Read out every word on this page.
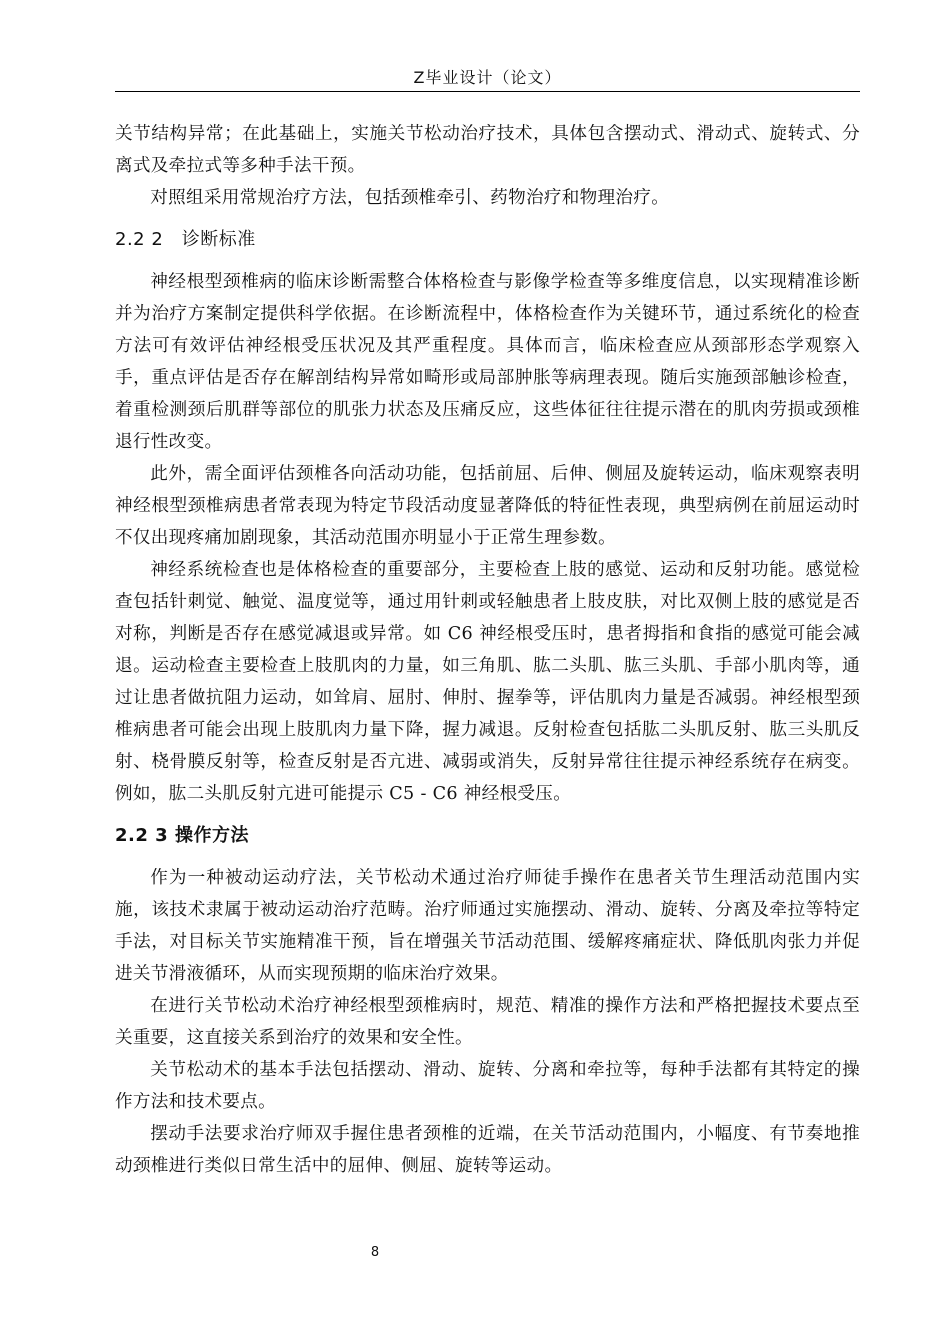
Z毕业设计（论文）

关节结构异常；在此基础上，实施关节松动治疗技术，具体包含摆动式、滑动式、旋转式、分离式及牵拉式等多种手法干预。

对照组采用常规治疗方法，包括颈椎牵引、药物治疗和物理治疗。

2.2 2　诊断标准

神经根型颈椎病的临床诊断需整合体格检查与影像学检查等多维度信息，以实现精准诊断并为治疗方案制定提供科学依据。在诊断流程中，体格检查作为关键环节，通过系统化的检查方法可有效评估神经根受压状况及其严重程度。具体而言，临床检查应从颈部形态学观察入手，重点评估是否存在解剖结构异常如畸形或局部肿胀等病理表现。随后实施颈部触诊检查，着重检测颈后肌群等部位的肌张力状态及压痛反应，这些体征往往提示潜在的肌肉劳损或颈椎退行性改变。

此外，需全面评估颈椎各向活动功能，包括前屈、后伸、侧屈及旋转运动，临床观察表明神经根型颈椎病患者常表现为特定节段活动度显著降低的特征性表现，典型病例在前屈运动时不仅出现疼痛加剧现象，其活动范围亦明显小于正常生理参数。

神经系统检查也是体格检查的重要部分，主要检查上肢的感觉、运动和反射功能。感觉检查包括针刺觉、触觉、温度觉等，通过用针刺或轻触患者上肢皮肤，对比双侧上肢的感觉是否对称，判断是否存在感觉减退或异常。如 C6 神经根受压时，患者拇指和食指的感觉可能会减退。运动检查主要检查上肢肌肉的力量，如三角肌、肱二头肌、肱三头肌、手部小肌肉等，通过让患者做抗阻力运动，如耸肩、屈肘、伸肘、握拳等，评估肌肉力量是否减弱。神经根型颈椎病患者可能会出现上肢肌肉力量下降，握力减退。反射检查包括肱二头肌反射、肱三头肌反射、桡骨膜反射等，检查反射是否亢进、减弱或消失，反射异常往往提示神经系统存在病变。例如，肱二头肌反射亢进可能提示 C5 - C6 神经根受压。

2.2 3 操作方法

作为一种被动运动疗法，关节松动术通过治疗师徒手操作在患者关节生理活动范围内实施，该技术隶属于被动运动治疗范畴。治疗师通过实施摆动、滑动、旋转、分离及牵拉等特定手法，对目标关节实施精准干预，旨在增强关节活动范围、缓解疼痛症状、降低肌肉张力并促进关节滑液循环，从而实现预期的临床治疗效果。

在进行关节松动术治疗神经根型颈椎病时，规范、精准的操作方法和严格把握技术要点至关重要，这直接关系到治疗的效果和安全性。

关节松动术的基本手法包括摆动、滑动、旋转、分离和牵拉等，每种手法都有其特定的操作方法和技术要点。

摆动手法要求治疗师双手握住患者颈椎的近端，在关节活动范围内，小幅度、有节奏地推动颈椎进行类似日常生活中的屈伸、侧屈、旋转等运动。

8
